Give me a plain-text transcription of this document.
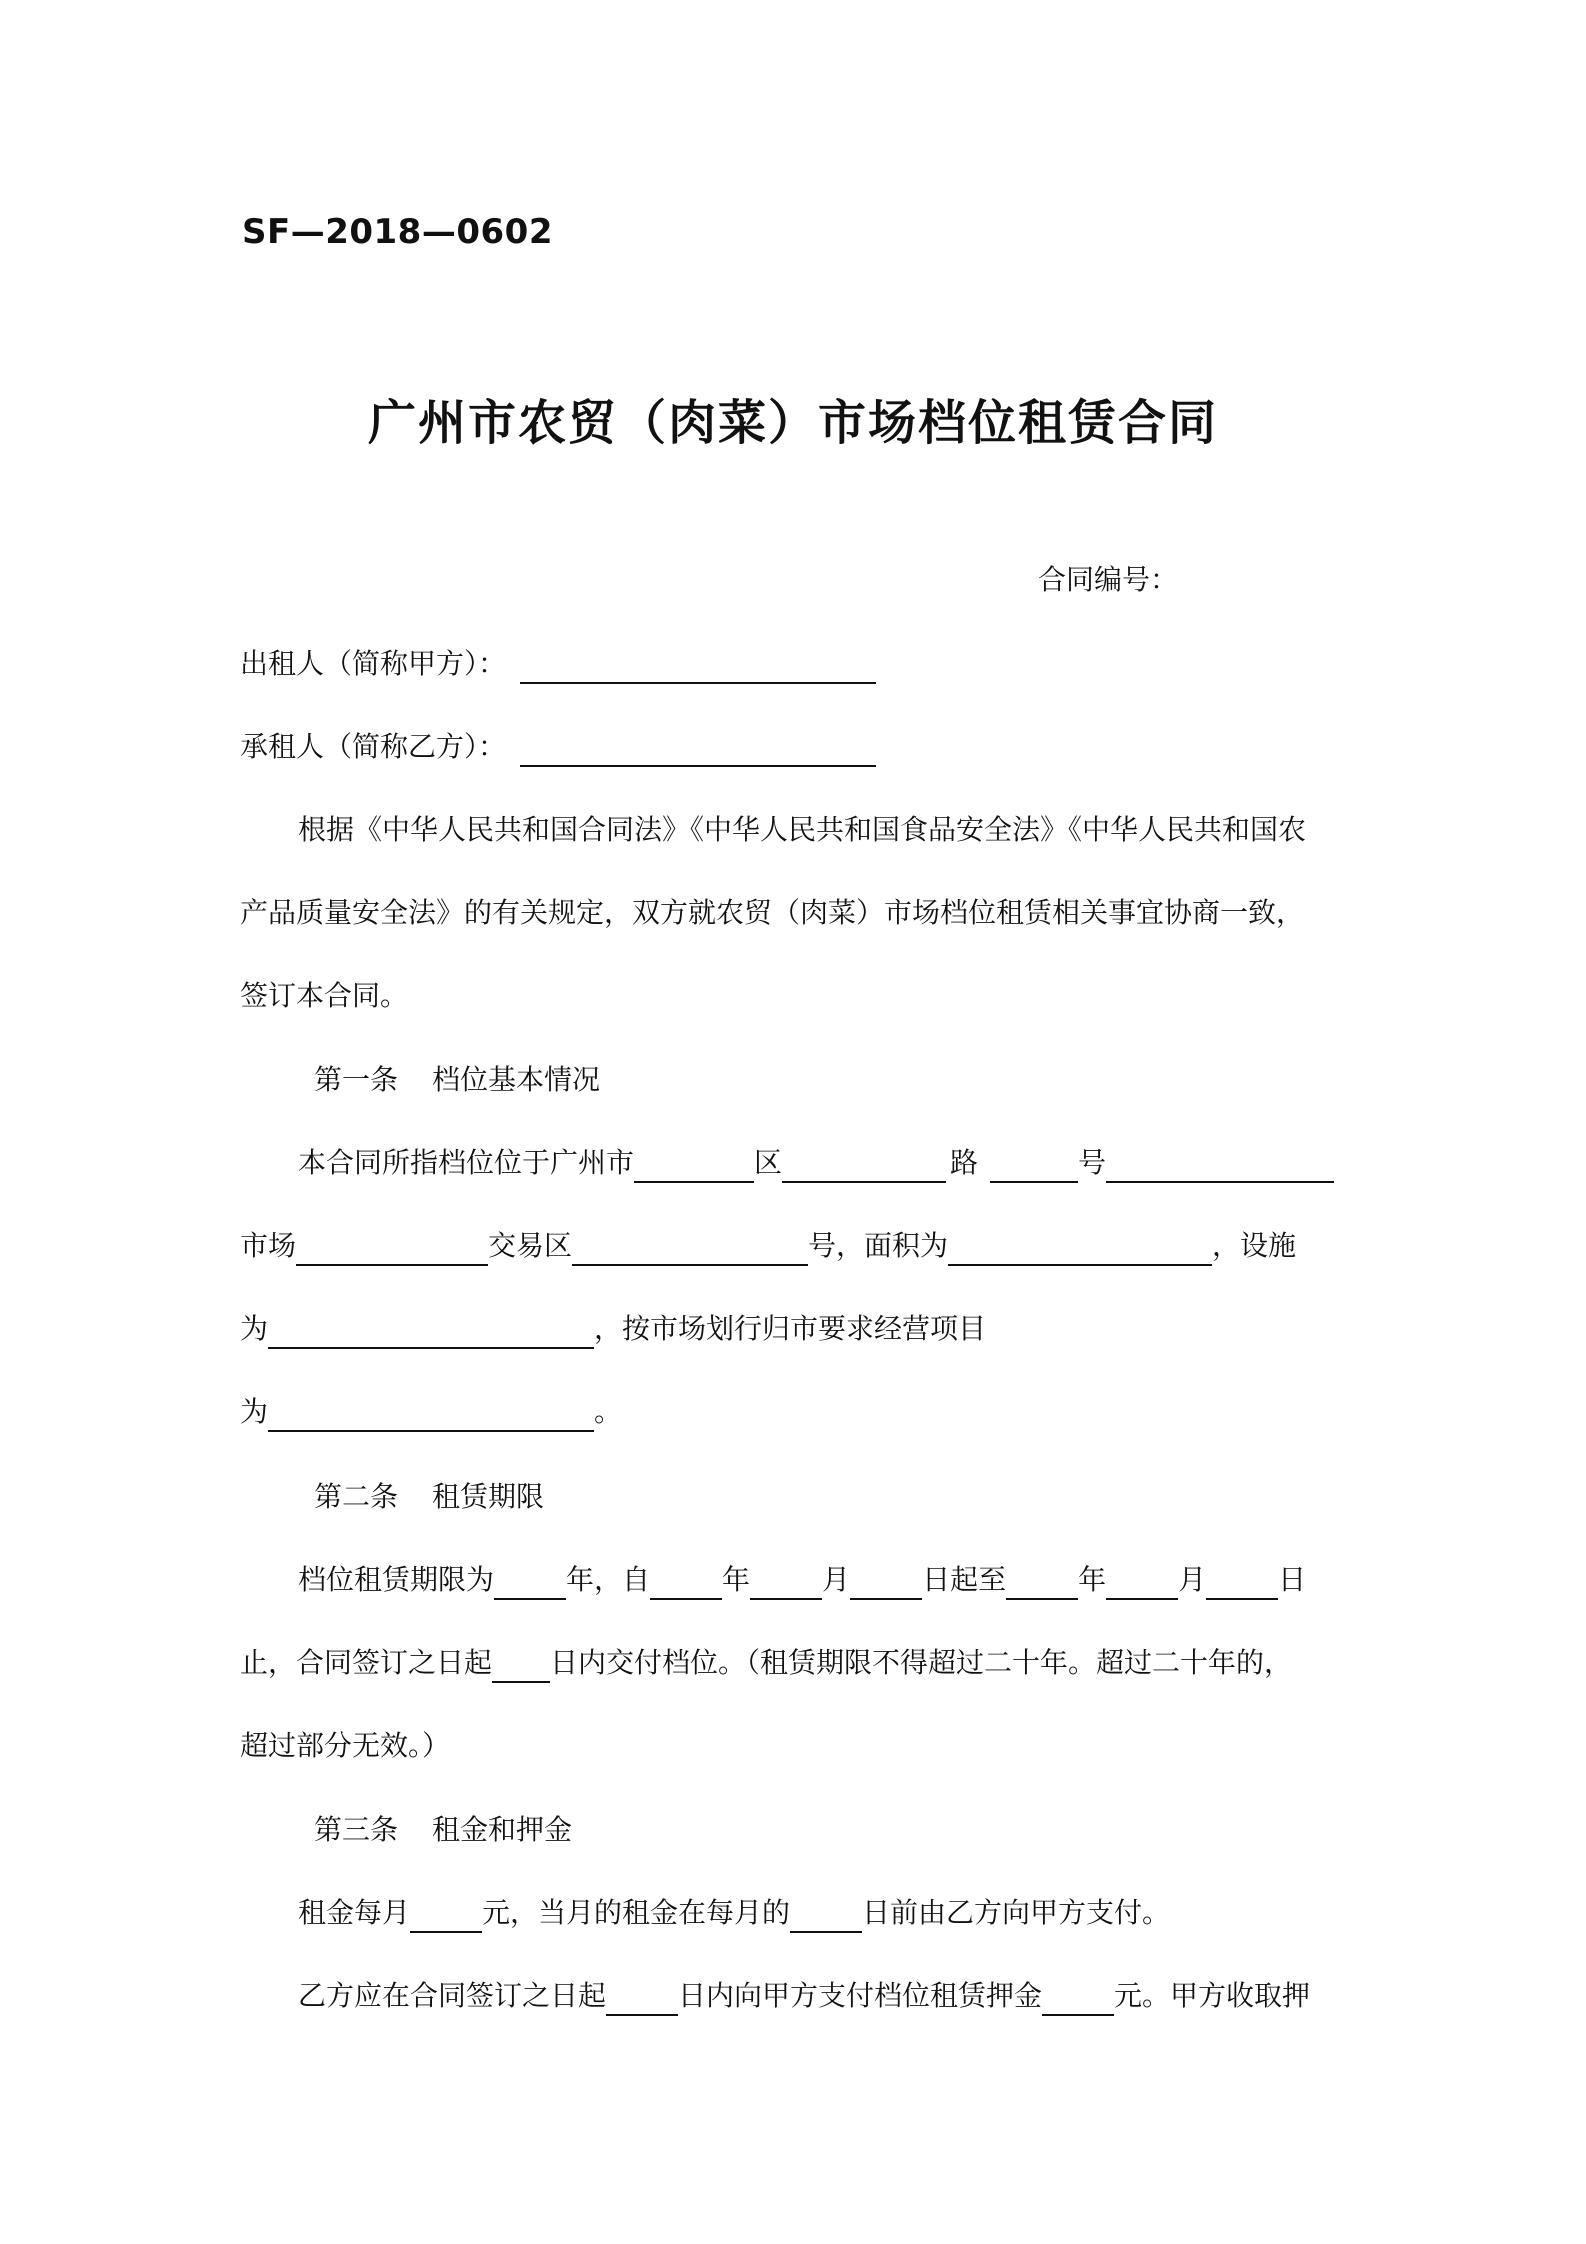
SF—2018—0602
广州市农贸（肉菜）市场档位租赁合同
合同编号：
出租人（简称甲方）：
承租人（简称乙方）：
根据《中华人民共和国合同法》《中华人民共和国食品安全法》《中华人民共和国农
产品质量安全法》的有关规定，双方就农贸（肉菜）市场档位租赁相关事宜协商一致，
签订本合同。
第一条 档位基本情况
本合同所指档位位于广州市	区	路	号
市场	交易区	号，面积为	，设施
为	，按市场划行归市要求经营项目
为	。
第二条 租赁期限
档位租赁期限为	年，自	年	月	日起至	年	月	日
止，合同签订之日起 日内交付档位。（租赁期限不得超过二十年。超过二十年的，
超过部分无效。）
第三条 租金和押金
租金每月	元，当月的租金在每月的	日前由乙方向甲方支付。
乙方应在合同签订之日起	日内向甲方支付档位租赁押金	元。甲方收取押
